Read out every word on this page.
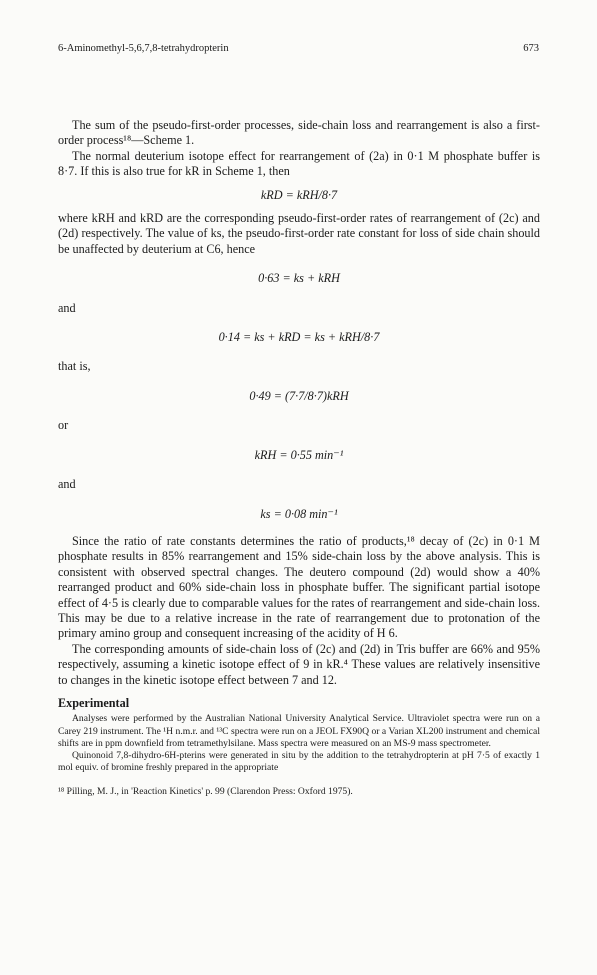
6-Aminomethyl-5,6,7,8-tetrahydropterin	673

The sum of the pseudo-first-order processes, side-chain loss and rearrangement is also a first-order process¹⁸—Scheme 1.

The normal deuterium isotope effect for rearrangement of (2a) in 0·1 M phosphate buffer is 8·7. If this is also true for kR in Scheme 1, then

kRD = kRH/8·7

where kRH and kRD are the corresponding pseudo-first-order rates of rearrangement of (2c) and (2d) respectively. The value of ks, the pseudo-first-order rate constant for loss of side chain should be unaffected by deuterium at C6, hence

0·63 = ks + kRH

and

0·14 = ks + kRD = ks + kRH/8·7

that is,

0·49 = (7·7/8·7)kRH

or

kRH = 0·55 min⁻¹

and

ks = 0·08 min⁻¹

Since the ratio of rate constants determines the ratio of products,¹⁸ decay of (2c) in 0·1 M phosphate results in 85% rearrangement and 15% side-chain loss by the above analysis. This is consistent with observed spectral changes. The deutero compound (2d) would show a 40% rearranged product and 60% side-chain loss in phosphate buffer. The significant partial isotope effect of 4·5 is clearly due to comparable values for the rates of rearrangement and side-chain loss. This may be due to a relative increase in the rate of rearrangement due to protonation of the primary amino group and consequent increasing of the acidity of H 6.

The corresponding amounts of side-chain loss of (2c) and (2d) in Tris buffer are 66% and 95% respectively, assuming a kinetic isotope effect of 9 in kR.⁴ These values are relatively insensitive to changes in the kinetic isotope effect between 7 and 12.

Experimental

Analyses were performed by the Australian National University Analytical Service. Ultraviolet spectra were run on a Carey 219 instrument. The ¹H n.m.r. and ¹³C spectra were run on a JEOL FX90Q or a Varian XL200 instrument and chemical shifts are in ppm downfield from tetramethylsilane. Mass spectra were measured on an MS-9 mass spectrometer.

Quinonoid 7,8-dihydro-6H-pterins were generated in situ by the addition to the tetrahydropterin at pH 7·5 of exactly 1 mol equiv. of bromine freshly prepared in the appropriate

¹⁸ Pilling, M. J., in 'Reaction Kinetics' p. 99 (Clarendon Press: Oxford 1975).
